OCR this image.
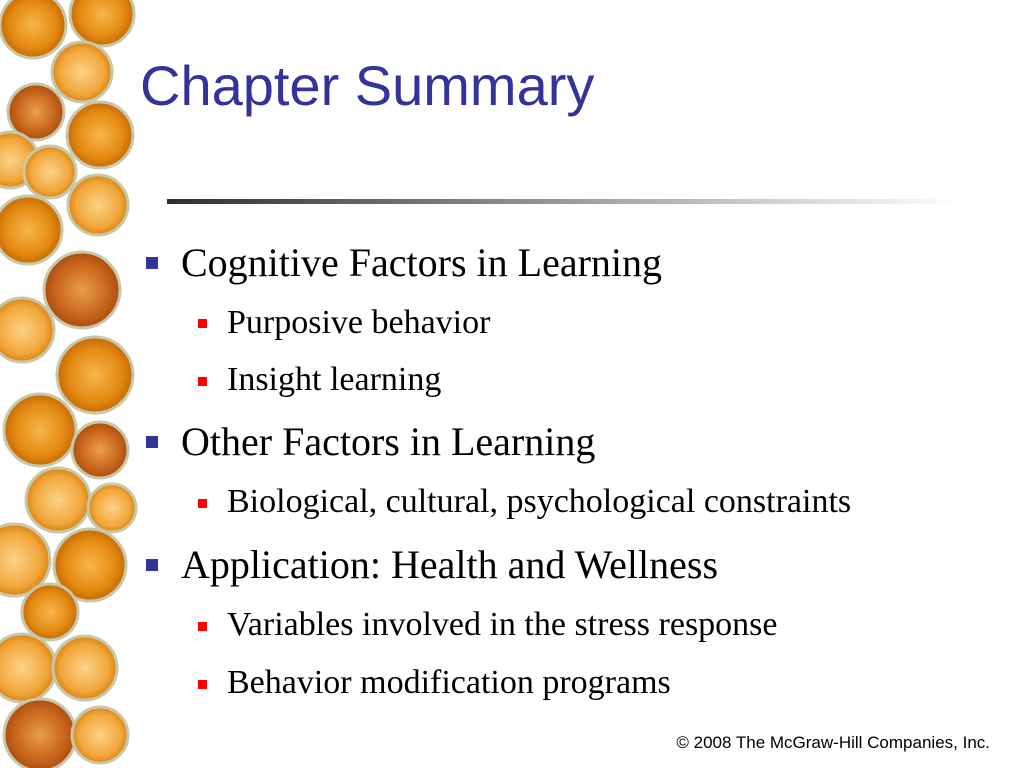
Chapter Summary
Cognitive Factors in Learning
Purposive behavior
Insight learning
Other Factors in Learning
Biological, cultural, psychological constraints
Application: Health and Wellness
Variables involved in the stress response
Behavior modification programs
© 2008 The McGraw-Hill Companies, Inc.
